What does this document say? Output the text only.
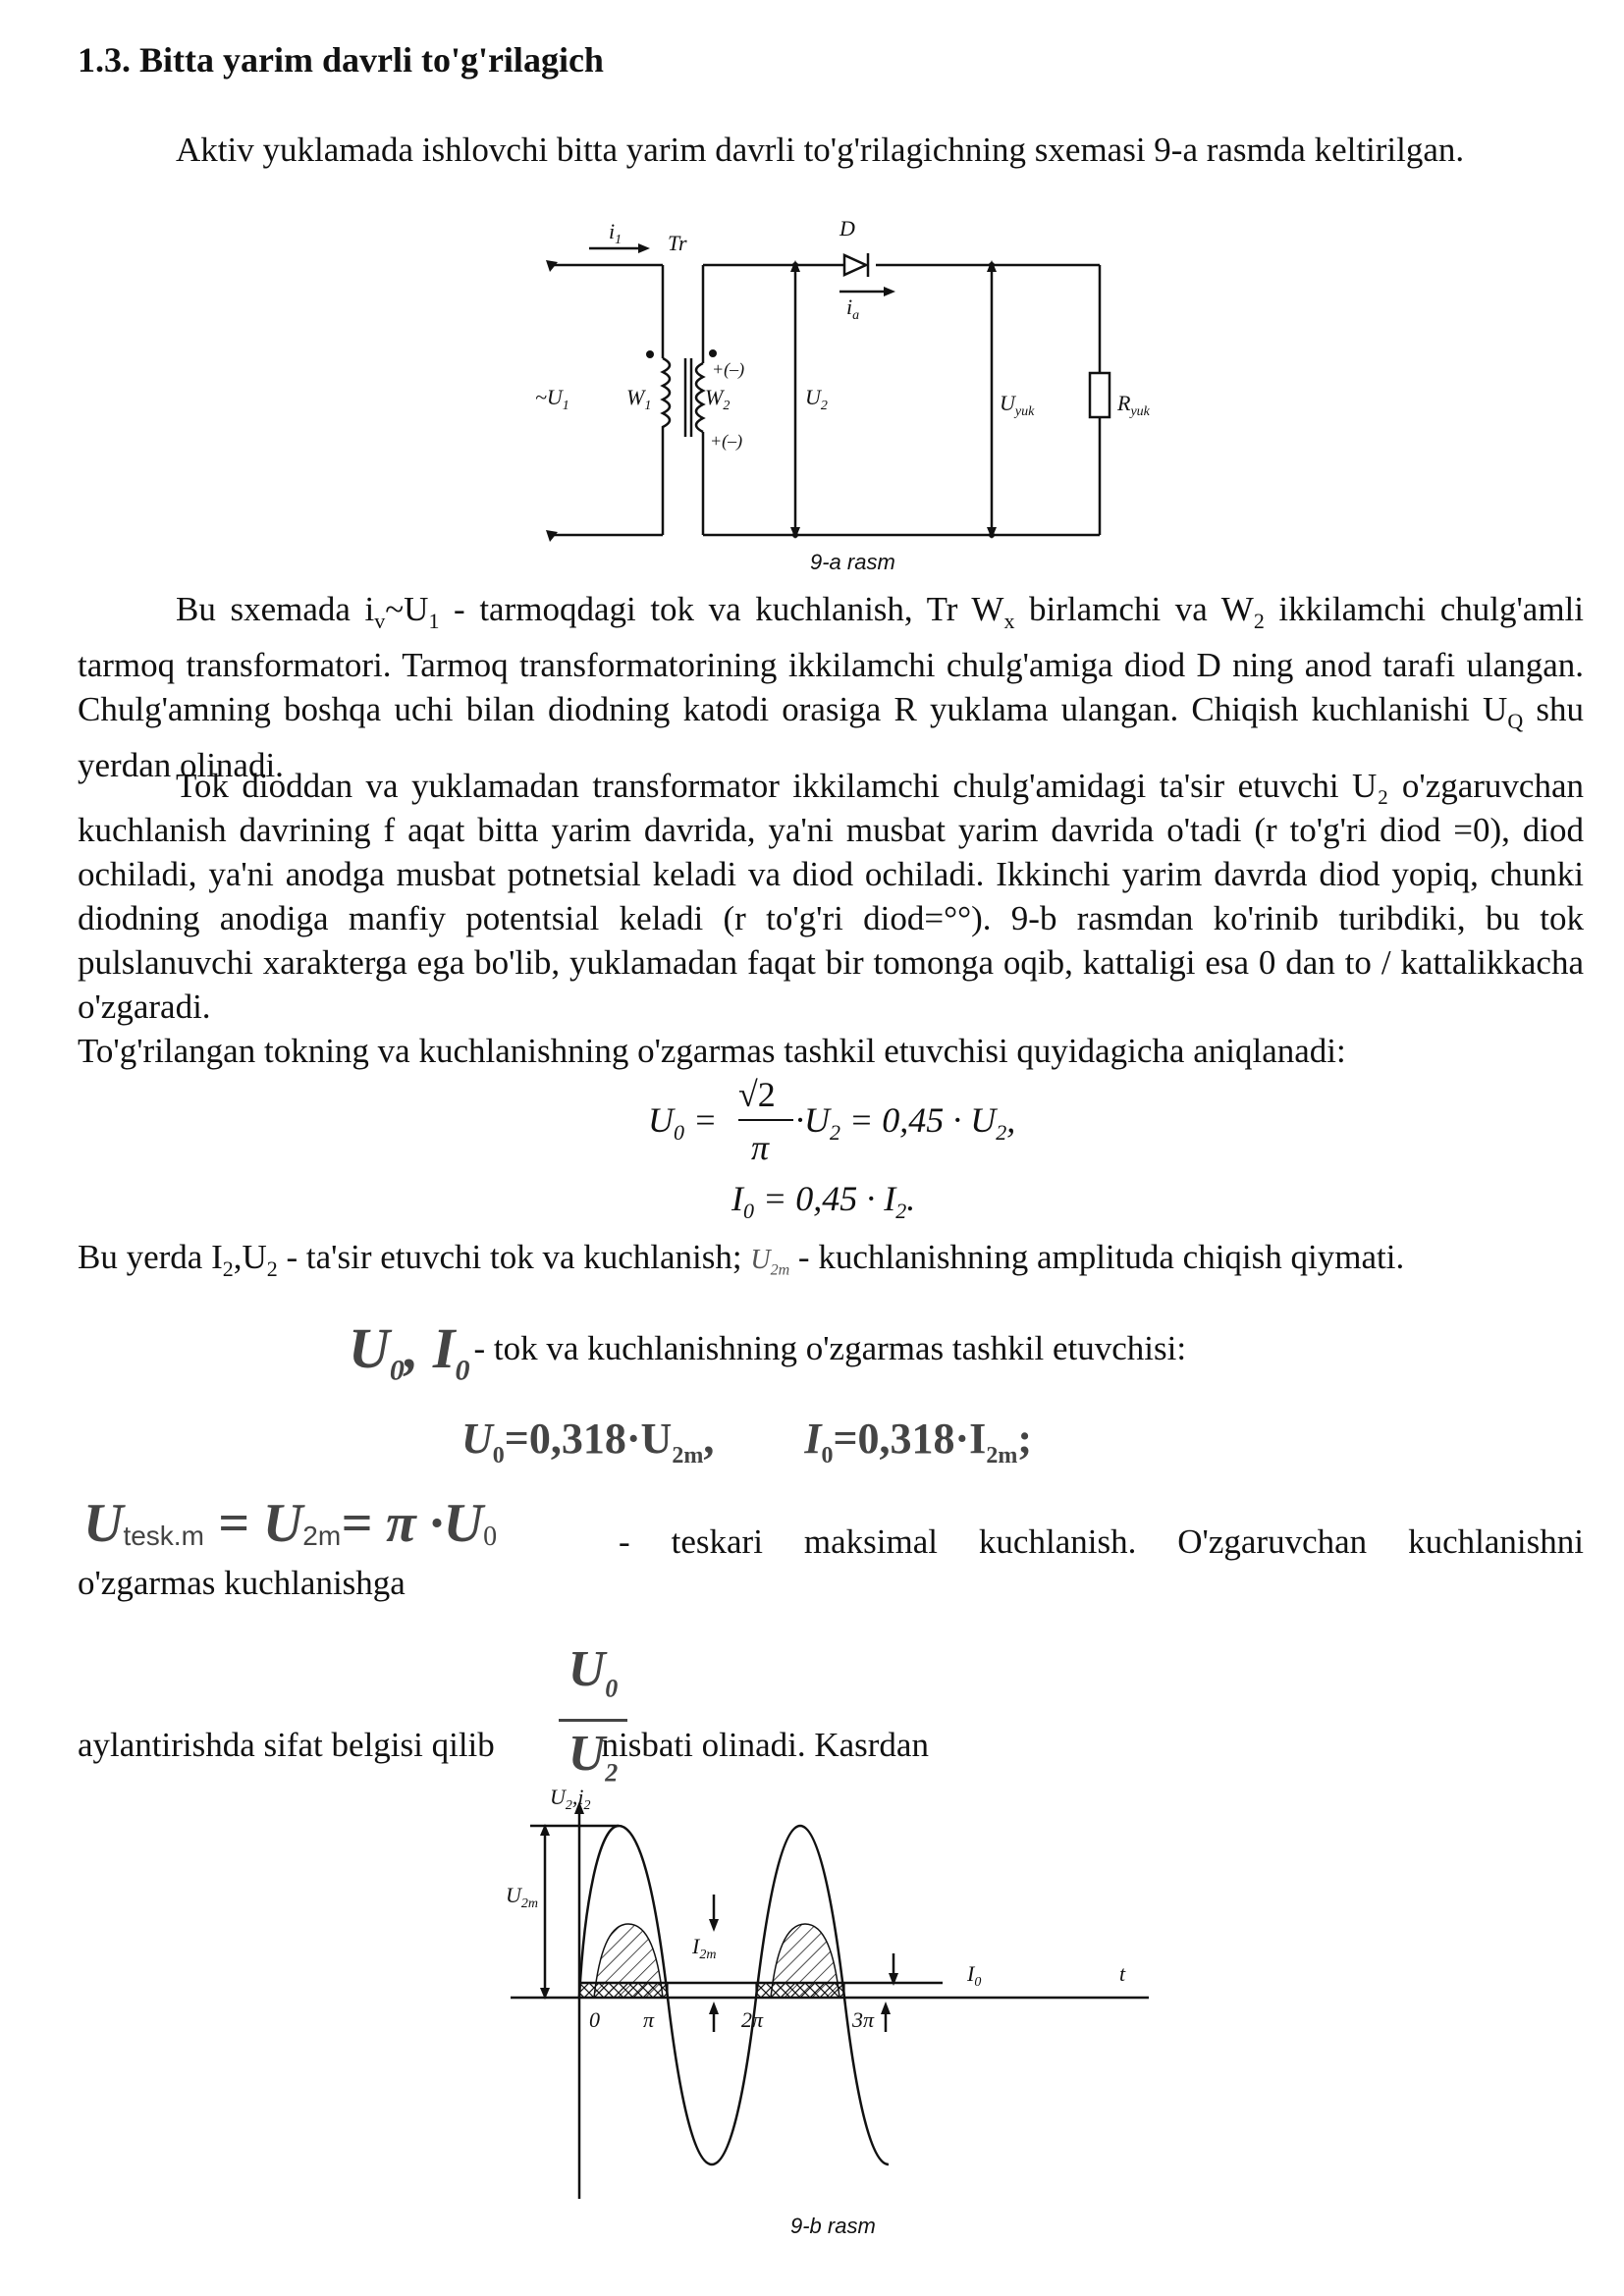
1.3. Bitta yarim davrli to'g'rilagich
Aktiv yuklamada ishlovchi bitta yarim davrli to'g'rilagichning sxemasi 9-a rasmda keltirilgan.
$i_1$ Tr
D
$i_a$
$\sim U_1$	$W_1$ $W_2$
+(–)
+(–)
$U_2$	$U_{yuk}$	$R_{yuk}$
9-a rasm
Bu sxemada $i_v\sim U_1$ - tarmoqdagi tok va kuchlanish, Tr $W_x$ birlamchi va $W_2$ ikkilamchi chulg'amli tarmoq transformatori. Tarmoq transformatorining ikkilamchi chulg'amiga diod D ning anod tarafi ulangan. Chulg'amning boshqa uchi bilan diodning katodi orasiga R yuklama ulangan. Chiqish kuchlanishi $U_Q$ shu yerdan olinadi.
Tok dioddan va yuklamadan transformator ikkilamchi chulg'amidagi ta'sir etuvchi U₂ o'zgaruvchan kuchlanish davrining f aqat bitta yarim davrida, ya'ni musbat yarim davrida o'tadi (r to'g'ri diod =0), diod ochiladi, ya'ni anodga musbat potnetsial keladi va diod ochiladi. Ikkinchi yarim davrda diod yopiq, chunki diodning anodiga manfiy potentsial keladi (r to'g'ri diod=°°). 9-b rasmdan ko'rinib turibdiki, bu tok pulslanuvchi xarakterga ega bo'lib, yuklamadan faqat bir tomonga oqib, kattaligi esa 0 dan to / kattalikkacha o'zgaradi.
To'g'rilangan tokning va kuchlanishning o'zgarmas tashkil etuvchisi quyidagicha aniqlanadi:
$U_0$ =
√2
π
$\cdot U_2 = 0,45 \cdot U_2$,
$I_0 = 0,45 \cdot I_2$.
Bu yerda $I_2,U_2 - ta'sir$ etuvchi tok va kuchlanish; $U_{2m}$ - kuchlanishning amplituda chiqish qiymati.
$U_0$, $I_0$ - tok va kuchlanishning o'zgarmas tashkil etuvchisi:
$U_0=0,318\cdot U_{2m}$, $I_0=0,318\cdot I_{2m}$;
$U_{tesk.m} = U_{2m}= \pi \cdot U_0$	- teskari maksimal kuchlanish. O'zgaruvchan kuchlanishni
aylantirishda sifat belgisi qilib
$U_0$
$U_2$
nisbati olinadi. Kasrdan
$U_2,i_2$
$U_{2m}$
$I_{2m}$
$I_0$	t
0 π	2π	3π
9-b rasm
o'zgarmas kuchlanishga
